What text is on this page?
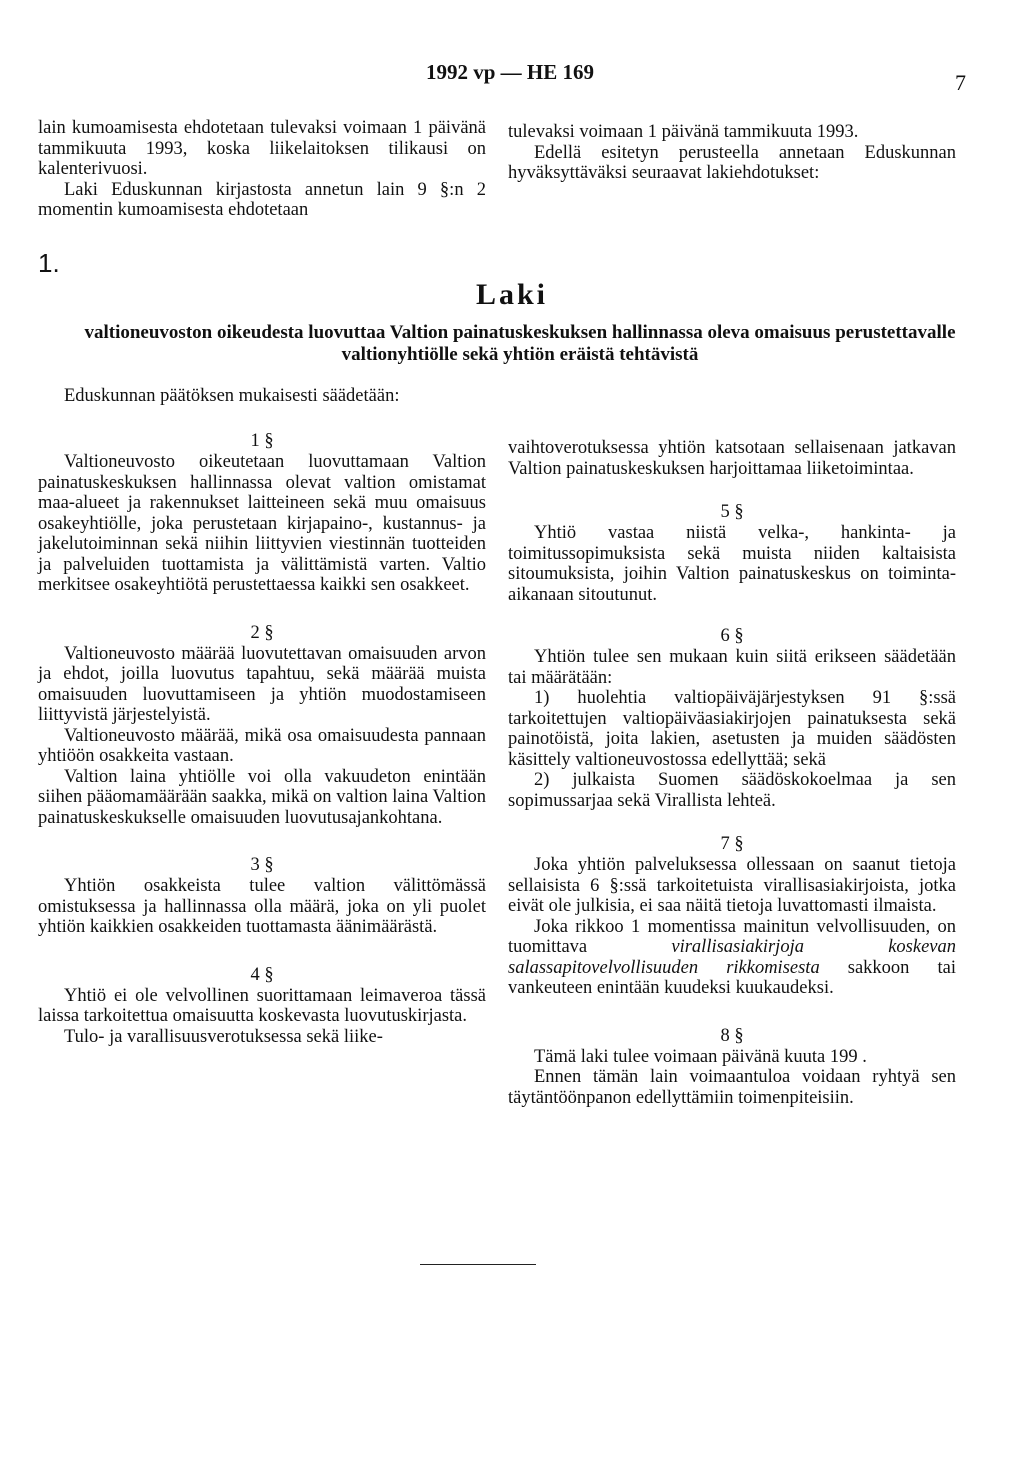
1992 vp — HE 169	7

lain kumoamisesta ehdotetaan tulevaksi voimaan 1 päivänä tammikuuta 1993, koska liikelaitoksen tilikausi on kalenterivuosi.

Laki Eduskunnan kirjastosta annetun lain 9 §:n 2 momentin kumoamisesta ehdotetaan

tulevaksi voimaan 1 päivänä tammikuuta 1993.

Edellä esitetyn perusteella annetaan Eduskunnan hyväksyttäväksi seuraavat lakiehdotukset:

1.
Laki
valtioneuvoston oikeudesta luovuttaa Valtion painatuskeskuksen hallinnassa oleva omaisuus perustettavalle valtionyhtiölle sekä yhtiön eräistä tehtävistä
Eduskunnan päätöksen mukaisesti säädetään:
1 §

Valtioneuvosto oikeutetaan luovuttamaan Valtion painatuskeskuksen hallinnassa olevat valtion omistamat maa-alueet ja rakennukset laitteineen sekä muu omaisuus osakeyhtiölle, joka perustetaan kirjapaino-, kustannus- ja jakelutoiminnan sekä niihin liittyvien viestinnän tuotteiden ja palveluiden tuottamista ja välittämistä varten. Valtio merkitsee osakeyhtiötä perustettaessa kaikki sen osakkeet.

2 §

Valtioneuvosto määrää luovutettavan omaisuuden arvon ja ehdot, joilla luovutus tapahtuu, sekä määrää muista omaisuuden luovuttamiseen ja yhtiön muodostamiseen liittyvistä järjestelyistä.

Valtioneuvosto määrää, mikä osa omaisuudesta pannaan yhtiöön osakkeita vastaan.

Valtion laina yhtiölle voi olla vakuudeton enintään siihen pääomamäärään saakka, mikä on valtion laina Valtion painatuskeskukselle omaisuuden luovutusajankohtana.

3 §

Yhtiön osakkeista tulee valtion välittömässä omistuksessa ja hallinnassa olla määrä, joka on yli puolet yhtiön kaikkien osakkeiden tuottamasta äänimäärästä.

4 §

Yhtiö ei ole velvollinen suorittamaan leimaveroa tässä laissa tarkoitettua omaisuutta koskevasta luovutuskirjasta.

Tulo- ja varallisuusverotuksessa sekä liike-

vaihtoverotuksessa yhtiön katsotaan sellaisenaan jatkavan Valtion painatuskeskuksen harjoittamaa liiketoimintaa.

5 §

Yhtiö vastaa niistä velka-, hankinta- ja toimitussopimuksista sekä muista niiden kaltaisista sitoumuksista, joihin Valtion painatuskeskus on toiminta-aikanaan sitoutunut.

6 §

Yhtiön tulee sen mukaan kuin siitä erikseen säädetään tai määrätään:

1) huolehtia valtiopäiväjärjestyksen 91 §:ssä tarkoitettujen valtiopäiväasiakirjojen painatuksesta sekä painotöistä, joita lakien, asetusten ja muiden säädösten käsittely valtioneuvostossa edellyttää; sekä

2) julkaista Suomen säädöskokoelmaa ja sen sopimussarjaa sekä Virallista lehteä.

7 §

Joka yhtiön palveluksessa ollessaan on saanut tietoja sellaisista 6 §:ssä tarkoitetuista virallisasiakirjoista, jotka eivät ole julkisia, ei saa näitä tietoja luvattomasti ilmaista.

Joka rikkoo 1 momentissa mainitun velvollisuuden, on tuomittava virallisasiakirjoja koskevan salassapitovelvollisuuden rikkomisesta sakkoon tai vankeuteen enintään kuudeksi kuukaudeksi.

8 §

Tämä laki tulee voimaan päivänä kuuta 199 .

Ennen tämän lain voimaantuloa voidaan ryhtyä sen täytäntöönpanon edellyttämiin toimenpiteisiin.
